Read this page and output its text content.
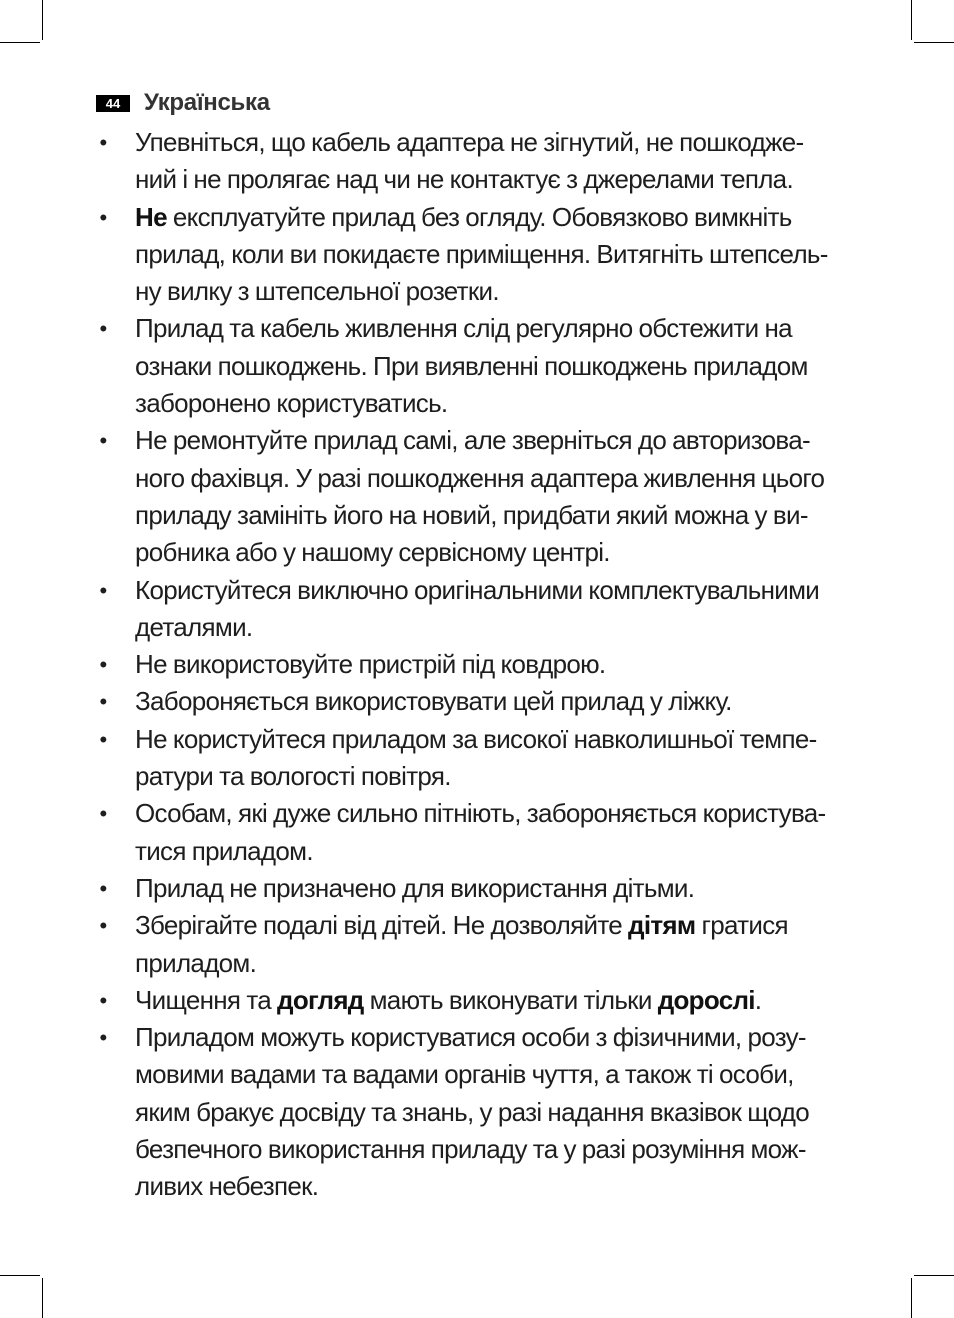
44 Українська
• Упевніться, що кабель адаптера не зігнутий, не пошкодже-
ний і не пролягає над чи не контактує з джерелами тепла.
• Не експлуатуйте прилад без огляду. Обовязково вимкніть
прилад, коли ви покидаєте приміщення. Витягніть штепсель-
ну вилку з штепсельної розетки.
• Прилад та кабель живлення слід регулярно обстежити на
ознаки пошкоджень. При виявленні пошкоджень приладом
заборонено користуватись.
• Не ремонтуйте прилад самі, але зверніться до авторизова-
ного фахівця. У разі пошкодження адаптера живлення цього
приладу замініть його на новий, придбати який можна у ви-
робника або у нашому сервісному центрі.
• Користуйтеся виключно оригінальними комплектувальними
деталями.
• Не використовуйте пристрій під ковдрою.
• Забороняється використовувати цей прилад у ліжку.
• Не користуйтеся приладом за високої навколишньої темпе-
ратури та вологості повітря.
• Особам, які дуже сильно пітніють, забороняється користува-
тися приладом.
• Прилад не призначено для використання дітьми.
• Зберігайте подалі від дітей. Не дозволяйте дітям гратися
приладом.
• Чищення та догляд мають виконувати тільки дорослі.
• Приладом можуть користуватися особи з фізичними, розу-
мовими вадами та вадами органів чуття, а також ті особи,
яким бракує досвіду та знань, у разі надання вказівок щодо
безпечного використання приладу та у разі розуміння мож-
ливих небезпек.
